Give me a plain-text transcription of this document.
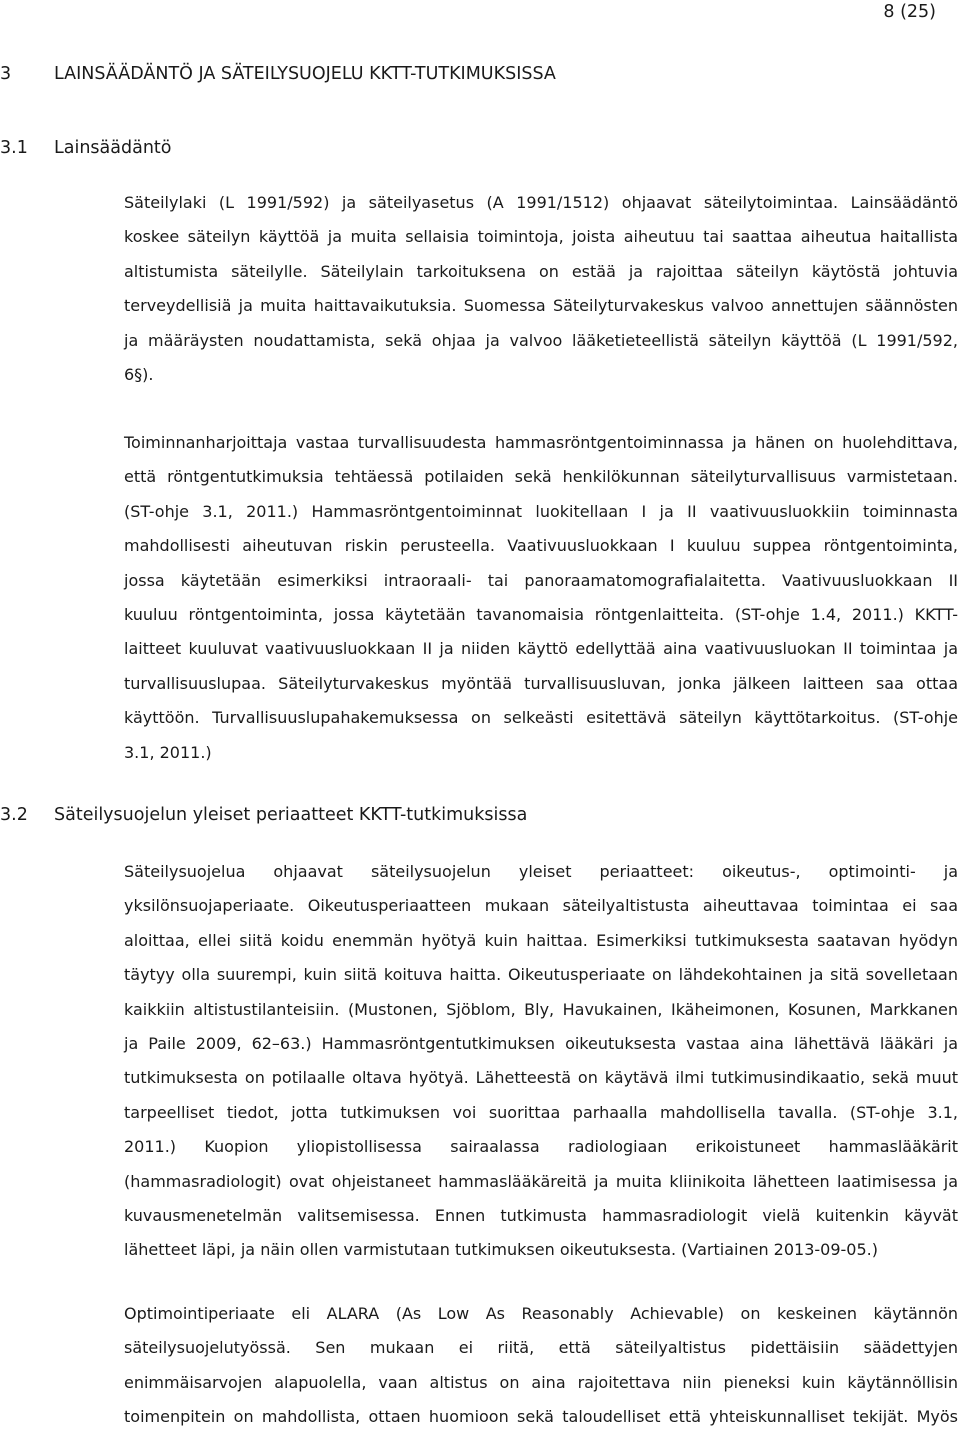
8 (25)
3 LAINSÄÄDÄNTÖ JA SÄTEILYSUOJELU KKTT-TUTKIMUKSISSA
3.1 Lainsäädäntö
Säteilylaki (L 1991/592) ja säteilyasetus (A 1991/1512) ohjaavat säteilytoimintaa. Lainsäädäntö
koskee säteilyn käyttöä ja muita sellaisia toimintoja, joista aiheutuu tai saattaa aiheutua haitallista
altistumista säteilylle. Säteilylain tarkoituksena on estää ja rajoittaa säteilyn käytöstä johtuvia
terveydellisiä ja muita haittavaikutuksia. Suomessa Säteilyturvakeskus valvoo annettujen säännösten
ja määräysten noudattamista, sekä ohjaa ja valvoo lääketieteellistä säteilyn käyttöä (L 1991/592,
6§).
Toiminnanharjoittaja vastaa turvallisuudesta hammasröntgentoiminnassa ja hänen on huolehdittava,
että röntgentutkimuksia tehtäessä potilaiden sekä henkilökunnan säteilyturvallisuus varmistetaan.
(ST-ohje 3.1, 2011.) Hammasröntgentoiminnat luokitellaan I ja II vaativuusluokkiin toiminnasta
mahdollisesti aiheutuvan riskin perusteella. Vaativuusluokkaan I kuuluu suppea röntgentoiminta,
jossa käytetään esimerkiksi intraoraali- tai panoraamatomografialaitetta. Vaativuusluokkaan II
kuuluu röntgentoiminta, jossa käytetään tavanomaisia röntgenlaitteita. (ST-ohje 1.4, 2011.) KKTT-
laitteet kuuluvat vaativuusluokkaan II ja niiden käyttö edellyttää aina vaativuusluokan II toimintaa ja
turvallisuuslupaa. Säteilyturvakeskus myöntää turvallisuusluvan, jonka jälkeen laitteen saa ottaa
käyttöön. Turvallisuuslupahakemuksessa on selkeästi esitettävä säteilyn käyttötarkoitus. (ST-ohje
3.1, 2011.)
3.2 Säteilysuojelun yleiset periaatteet KKTT-tutkimuksissa
Säteilysuojelua ohjaavat säteilysuojelun yleiset periaatteet: oikeutus-, optimointi- ja
yksilönsuojaperiaate. Oikeutusperiaatteen mukaan säteilyaltistusta aiheuttavaa toimintaa ei saa
aloittaa, ellei siitä koidu enemmän hyötyä kuin haittaa. Esimerkiksi tutkimuksesta saatavan hyödyn
täytyy olla suurempi, kuin siitä koituva haitta. Oikeutusperiaate on lähdekohtainen ja sitä sovelletaan
kaikkiin altistustilanteisiin. (Mustonen, Sjöblom, Bly, Havukainen, Ikäheimonen, Kosunen, Markkanen
ja Paile 2009, 62–63.) Hammasröntgentutkimuksen oikeutuksesta vastaa aina lähettävä lääkäri ja
tutkimuksesta on potilaalle oltava hyötyä. Lähetteestä on käytävä ilmi tutkimusindikaatio, sekä muut
tarpeelliset tiedot, jotta tutkimuksen voi suorittaa parhaalla mahdollisella tavalla. (ST-ohje 3.1,
2011.) Kuopion yliopistollisessa sairaalassa radiologiaan erikoistuneet hammaslääkärit
(hammasradiologit) ovat ohjeistaneet hammaslääkäreitä ja muita kliinikoita lähetteen laatimisessa ja
kuvausmenetelmän valitsemisessa. Ennen tutkimusta hammasradiologit vielä kuitenkin käyvät
lähetteet läpi, ja näin ollen varmistutaan tutkimuksen oikeutuksesta. (Vartiainen 2013-09-05.)
Optimointiperiaate eli ALARA (As Low As Reasonably Achievable) on keskeinen käytännön
säteilysuojelutyössä. Sen mukaan ei riitä, että säteilyaltistus pidettäisiin säädettyjen
enimmäisarvojen alapuolella, vaan altistus on aina rajoitettava niin pieneksi kuin käytännöllisin
toimenpitein on mahdollista, ottaen huomioon sekä taloudelliset että yhteiskunnalliset tekijät. Myös
